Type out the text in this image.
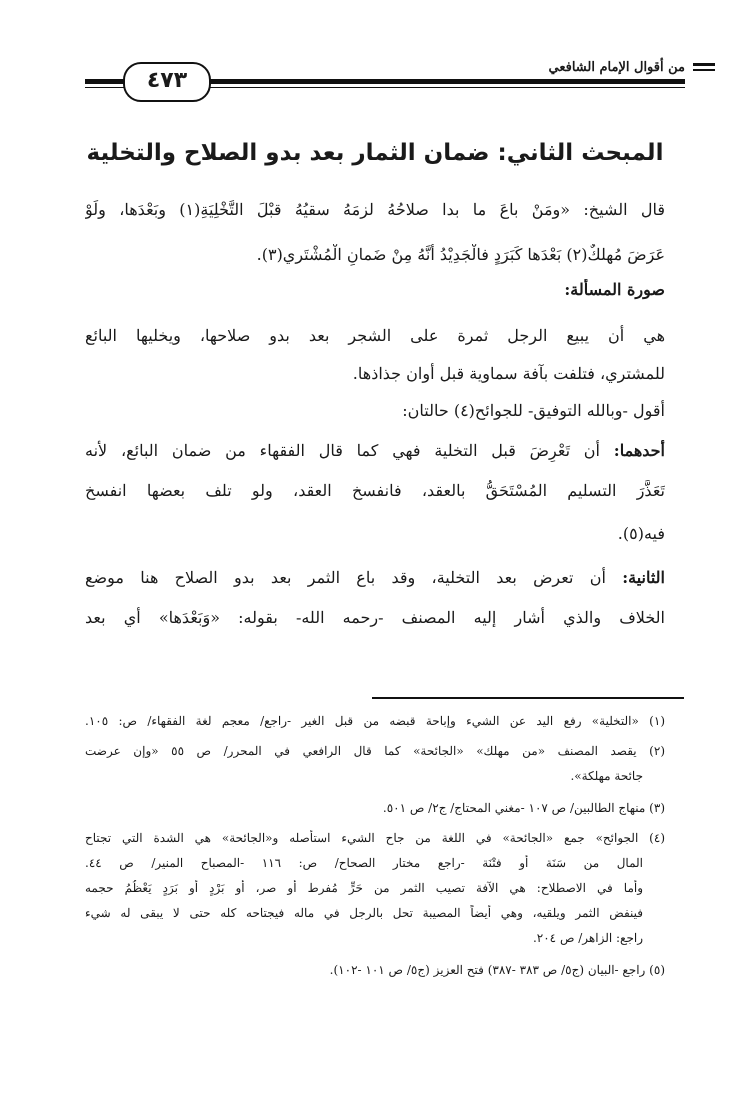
من أقوال الإمام الشافعي
٤٧٣
المبحث الثاني: ضمان الثمار بعد بدو الصلاح والتخلية
قال الشيخ: «ومَنْ باعَ ما بدا صلاحُهُ لزمَهُ سقيُهُ قبْلَ التَّخْلِيَةِ(١) وبَعْدَها، ولَوْ
عَرَضَ مُهلكٌ(٢) بَعْدَها كَبَرَدٍ فالْجَدِيْدُ أنَّهُ مِنْ ضَمانِ الْمُشْتَري(٣).
صورة المسألة:
هي أن يبيع الرجل ثمرة على الشجر بعد بدو صلاحها، ويخليها البائع
للمشتري، فتلفت بآفة سماوية قبل أوان جذاذها.
أقول -وبالله التوفيق- للجوائح(٤) حالتان:
أحدهما: أن تَعْرِضَ قبل التخلية فهي كما قال الفقهاء من ضمان البائع، لأنه
تَعَذَّرَ التسليم المُسْتَحَقُّ بالعقد، فانفسخ العقد، ولو تلف بعضها انفسخ
فيه(٥).
الثانية: أن تعرض بعد التخلية، وقد باع الثمر بعد بدو الصلاح هنا موضع
الخلاف والذي أشار إليه المصنف -رحمه الله- بقوله: «وَبَعْدَها» أي بعد
(١) «التخلية» رفع اليد عن الشيء وإباحة قبضه من قبل الغير -راجع/ معجم لغة الفقهاء/ ص: ١٠٥.
(٢) يقصد المصنف «من مهلك» «الجائحة» كما قال الرافعي في المحرر/ ص ٥٥ «وإن عرضت
جائحة مهلكة».
(٣) منهاج الطالبين/ ص ١٠٧ -مغني المحتاج/ ج٢/ ص ٥٠١.
(٤) الجوائح» جمع «الجائحة» في اللغة من جاح الشيء استأصله و«الجائحة» هي الشدة التي تجتاح
المال من سَنَة أو فتْنَة -راجع مختار الصحاح/ ص: ١١٦ -المصباح المنير/ ص ٤٤.
وأما في الاصطلاح: هي الآفة تصيب الثمر من حَرٍّ مُفرط أو صر، أو بَرْدٍ أو بَرَدٍ يَعْظُمُ حجمه
فينفض الثمر ويلقيه، وهي أيضاً المصيبة تحل بالرجل في ماله فيجتاحه كله حتى لا يبقى له شيء
راجع: الزاهر/ ص ٢٠٤.
(٥) راجع -البيان (ج٥/ ص ٣٨٣ -٣٨٧) فتح العزيز (ج٥/ ص ١٠١ -١٠٢).
